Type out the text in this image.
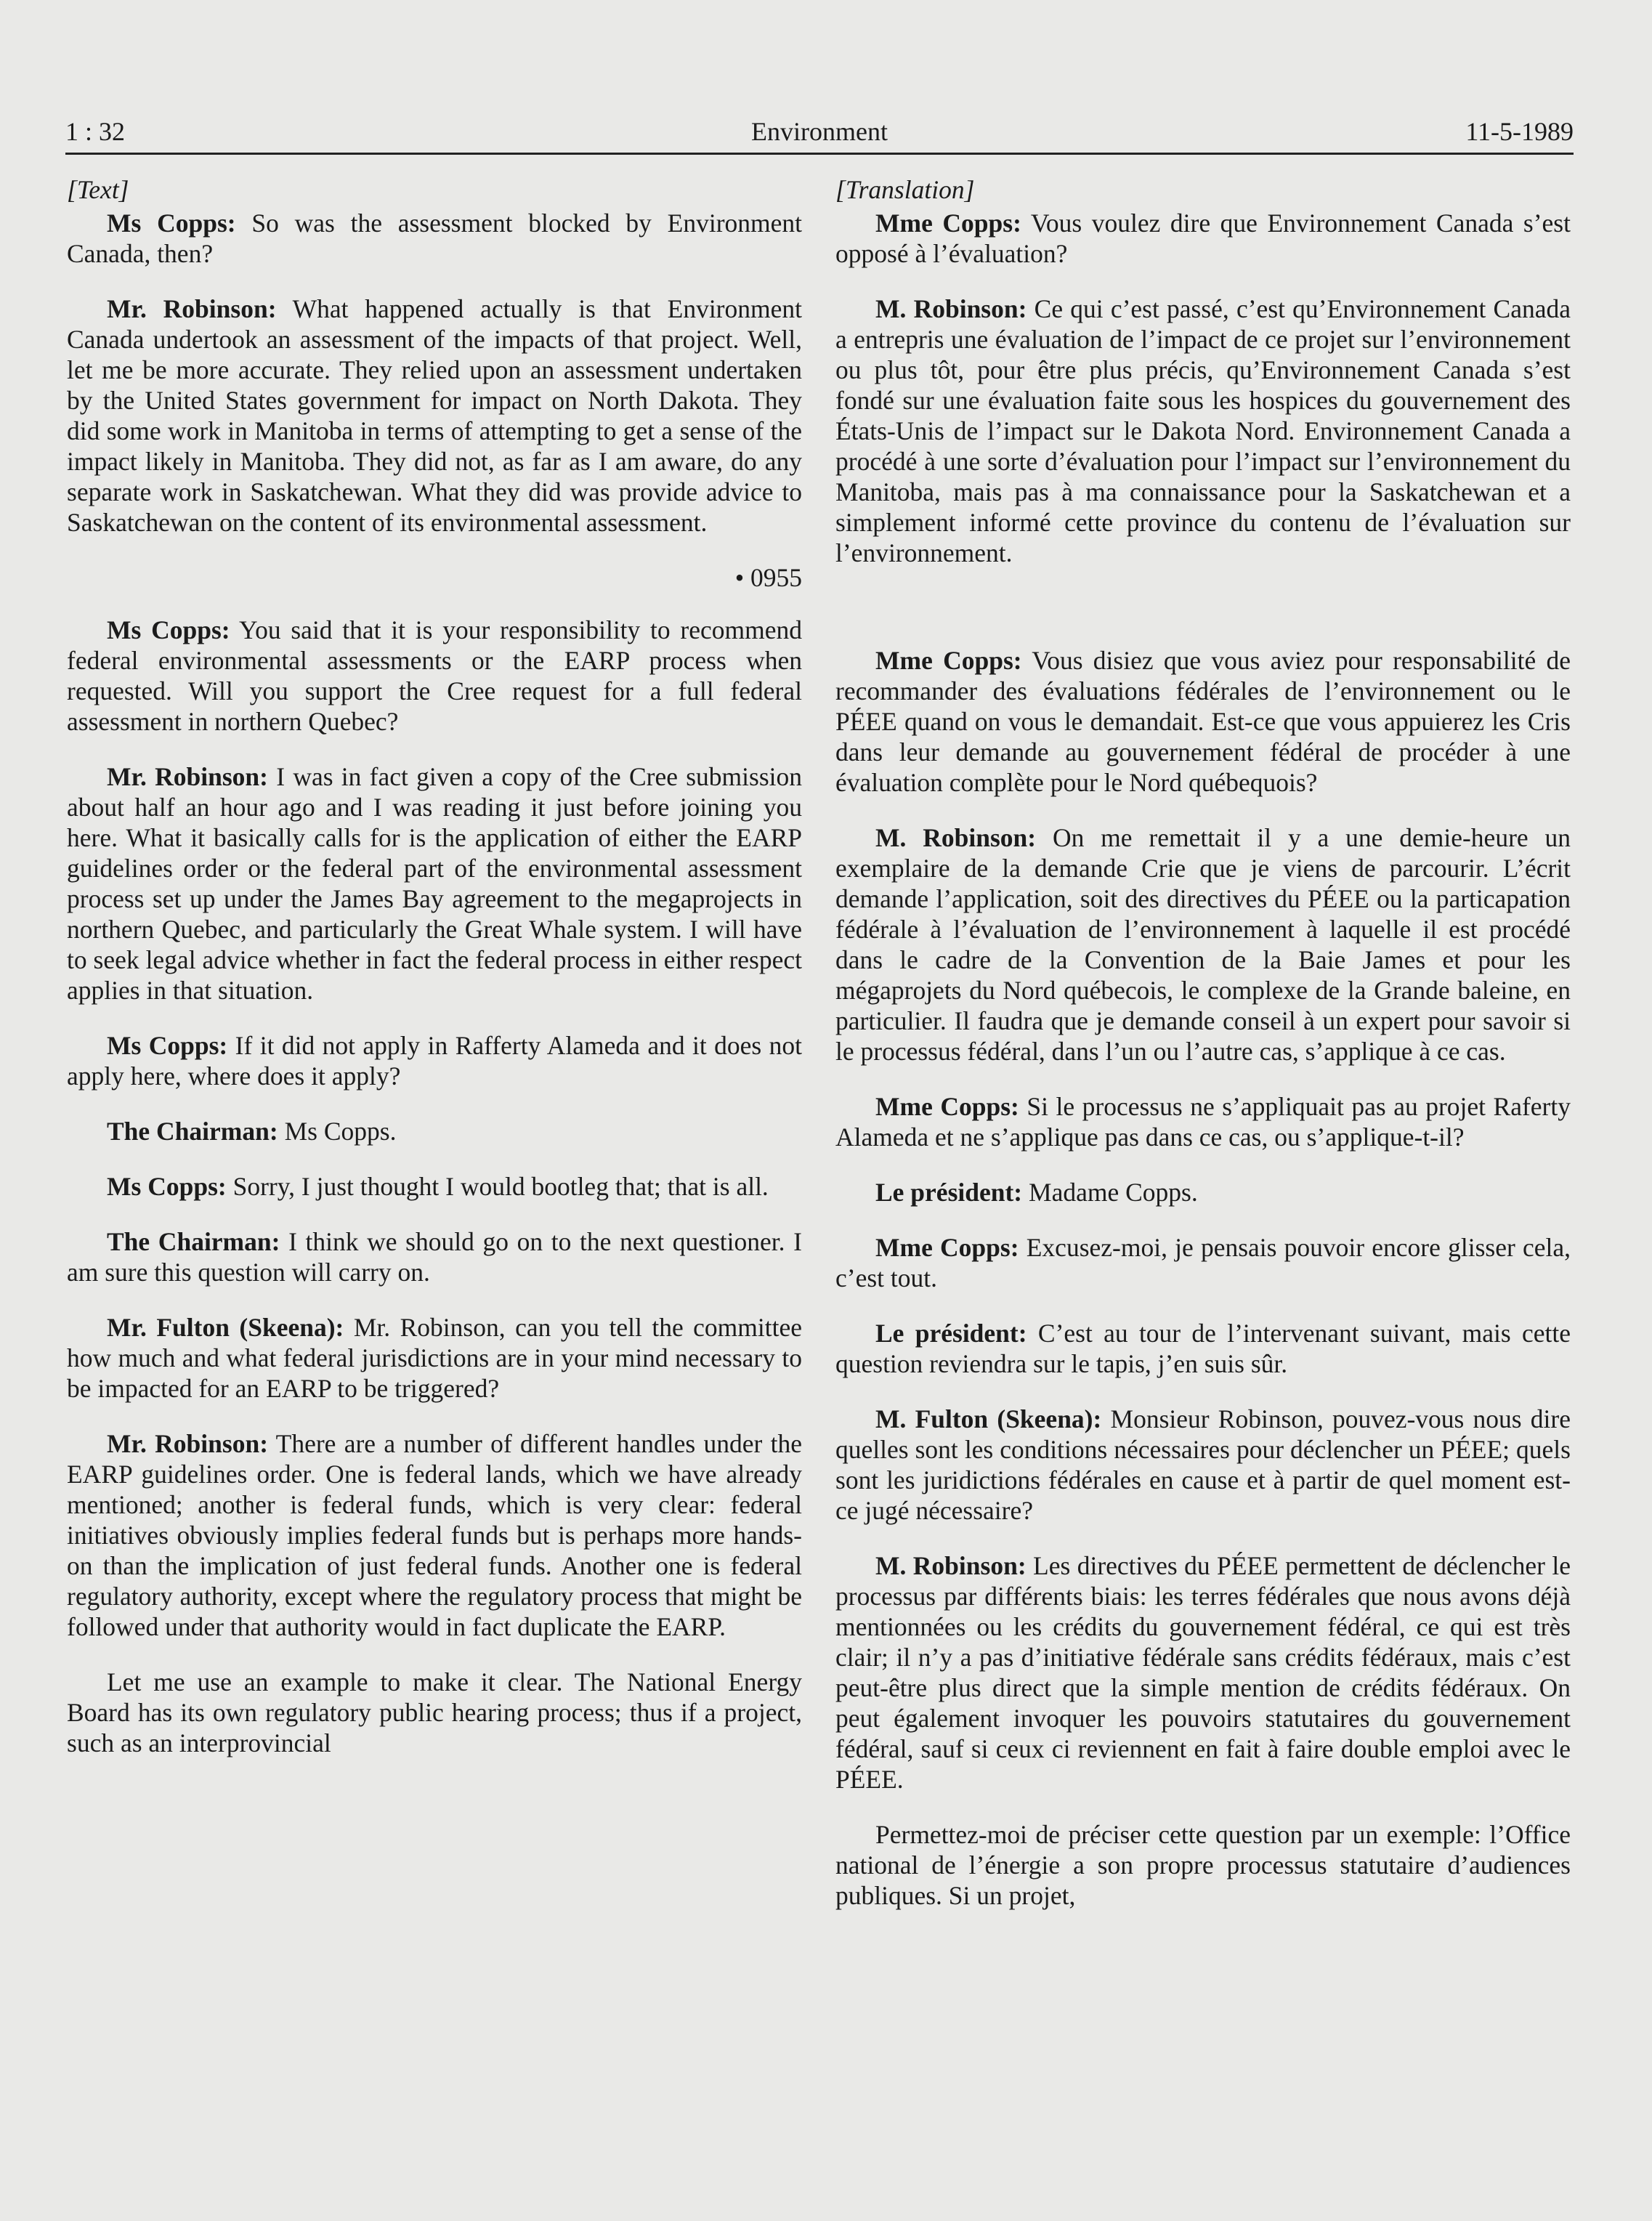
1 : 32	Environment	11-5-1989

[Text]

Ms Copps: So was the assessment blocked by Environment Canada, then?

Mr. Robinson: What happened actually is that Environment Canada undertook an assessment of the impacts of that project. Well, let me be more accurate. They relied upon an assessment undertaken by the United States government for impact on North Dakota. They did some work in Manitoba in terms of attempting to get a sense of the impact likely in Manitoba. They did not, as far as I am aware, do any separate work in Saskatchewan. What they did was provide advice to Saskatchewan on the content of its environmental assessment.

• 0955

Ms Copps: You said that it is your responsibility to recommend federal environmental assessments or the EARP process when requested. Will you support the Cree request for a full federal assessment in northern Quebec?

Mr. Robinson: I was in fact given a copy of the Cree submission about half an hour ago and I was reading it just before joining you here. What it basically calls for is the application of either the EARP guidelines order or the federal part of the environmental assessment process set up under the James Bay agreement to the megaprojects in northern Quebec, and particularly the Great Whale system. I will have to seek legal advice whether in fact the federal process in either respect applies in that situation.

Ms Copps: If it did not apply in Rafferty Alameda and it does not apply here, where does it apply?

The Chairman: Ms Copps.

Ms Copps: Sorry, I just thought I would bootleg that; that is all.

The Chairman: I think we should go on to the next questioner. I am sure this question will carry on.

Mr. Fulton (Skeena): Mr. Robinson, can you tell the committee how much and what federal jurisdictions are in your mind necessary to be impacted for an EARP to be triggered?

Mr. Robinson: There are a number of different handles under the EARP guidelines order. One is federal lands, which we have already mentioned; another is federal funds, which is very clear: federal initiatives obviously implies federal funds but is perhaps more hands-on than the implication of just federal funds. Another one is federal regulatory authority, except where the regulatory process that might be followed under that authority would in fact duplicate the EARP.

Let me use an example to make it clear. The National Energy Board has its own regulatory public hearing process; thus if a project, such as an interprovincial

[Translation]

Mme Copps: Vous voulez dire que Environnement Canada s’est opposé à l’évaluation?

M. Robinson: Ce qui c’est passé, c’est qu’Environnement Canada a entrepris une évaluation de l’impact de ce projet sur l’environnement ou plus tôt, pour être plus précis, qu’Environnement Canada s’est fondé sur une évaluation faite sous les hospices du gouvernement des États-Unis de l’impact sur le Dakota Nord. Environnement Canada a procédé à une sorte d’évaluation pour l’impact sur l’environnement du Manitoba, mais pas à ma connaissance pour la Saskatchewan et a simplement informé cette province du contenu de l’évaluation sur l’environnement.

Mme Copps: Vous disiez que vous aviez pour responsabilité de recommander des évaluations fédérales de l’environnement ou le PÉEE quand on vous le demandait. Est-ce que vous appuierez les Cris dans leur demande au gouvernement fédéral de procéder à une évaluation complète pour le Nord québequois?

M. Robinson: On me remettait il y a une demie-heure un exemplaire de la demande Crie que je viens de parcourir. L’écrit demande l’application, soit des directives du PÉEE ou la particapation fédérale à l’évaluation de l’environnement à laquelle il est procédé dans le cadre de la Convention de la Baie James et pour les mégaprojets du Nord québecois, le complexe de la Grande baleine, en particulier. Il faudra que je demande conseil à un expert pour savoir si le processus fédéral, dans l’un ou l’autre cas, s’applique à ce cas.

Mme Copps: Si le processus ne s’appliquait pas au projet Raferty Alameda et ne s’applique pas dans ce cas, ou s’applique-t-il?

Le président: Madame Copps.

Mme Copps: Excusez-moi, je pensais pouvoir encore glisser cela, c’est tout.

Le président: C’est au tour de l’intervenant suivant, mais cette question reviendra sur le tapis, j’en suis sûr.

M. Fulton (Skeena): Monsieur Robinson, pouvez-vous nous dire quelles sont les conditions nécessaires pour déclencher un PÉEE; quels sont les juridictions fédérales en cause et à partir de quel moment est-ce jugé nécessaire?

M. Robinson: Les directives du PÉEE permettent de déclencher le processus par différents biais: les terres fédérales que nous avons déjà mentionnées ou les crédits du gouvernement fédéral, ce qui est très clair; il n’y a pas d’initiative fédérale sans crédits fédéraux, mais c’est peut-être plus direct que la simple mention de crédits fédéraux. On peut également invoquer les pouvoirs statutaires du gouvernement fédéral, sauf si ceux ci reviennent en fait à faire double emploi avec le PÉEE.

Permettez-moi de préciser cette question par un exemple: l’Office national de l’énergie a son propre processus statutaire d’audiences publiques. Si un projet,
